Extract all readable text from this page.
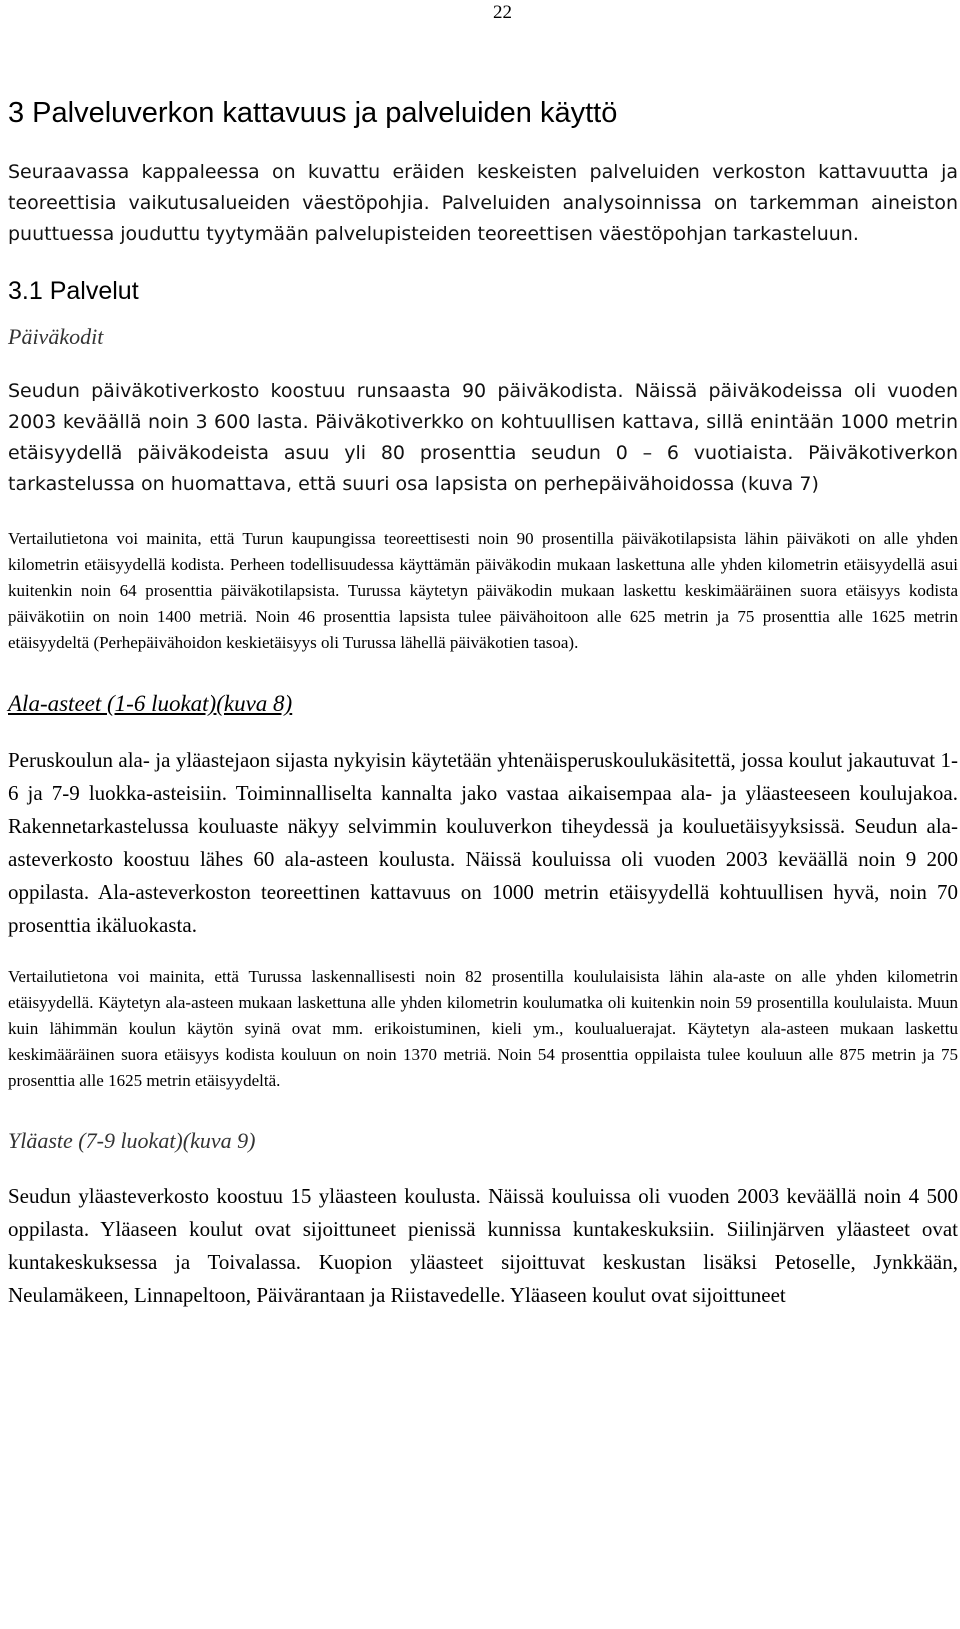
22
3 Palveluverkon kattavuus ja palveluiden käyttö

Seuraavassa kappaleessa on kuvattu eräiden keskeisten palveluiden verkoston kattavuutta ja teoreettisia vaikutusalueiden väestöpohjia. Palveluiden analysoinnissa on tarkemman aineiston puuttuessa jouduttu tyytymään palvelupisteiden teoreettisen väestöpohjan tarkasteluun.

3.1 Palvelut
Päiväkodit

Seudun päiväkotiverkosto koostuu runsaasta 90 päiväkodista. Näissä päiväkodeissa oli vuoden 2003 keväällä noin 3 600 lasta. Päiväkotiverkko on kohtuullisen kattava, sillä enintään 1000 metrin etäisyydellä päiväkodeista asuu yli 80 prosenttia seudun 0 – 6 vuotiaista. Päiväkotiverkon tarkastelussa on huomattava, että suuri osa lapsista on perhepäivähoidossa (kuva 7)

Vertailutietona voi mainita, että Turun kaupungissa teoreettisesti noin 90 prosentilla päiväkotilapsista lähin päiväkoti on alle yhden kilometrin etäisyydellä kodista. Perheen todellisuudessa käyttämän päiväkodin mukaan laskettuna alle yhden kilometrin etäisyydellä asui kuitenkin noin 64 prosenttia päiväkotilapsista. Turussa käytetyn päiväkodin mukaan laskettu keskimääräinen suora etäisyys kodista päiväkotiin on noin 1400 metriä. Noin 46 prosenttia lapsista tulee päivähoitoon alle 625 metrin ja 75 prosenttia alle 1625 metrin etäisyydeltä (Perhepäivähoidon keskietäisyys oli Turussa lähellä päiväkotien tasoa).

Ala-asteet (1-6 luokat)(kuva 8)

Peruskoulun ala- ja yläastejaon sijasta nykyisin käytetään yhtenäisperuskoulukäsitettä, jossa koulut jakautuvat 1-6 ja 7-9 luokka-asteisiin. Toiminnalliselta kannalta jako vastaa aikaisempaa ala- ja yläasteeseen koulujakoa. Rakennetarkastelussa kouluaste näkyy selvimmin kouluverkon tiheydessä ja kouluetäisyyksissä. Seudun ala-asteverkosto koostuu lähes 60 ala-asteen koulusta. Näissä kouluissa oli vuoden 2003 keväällä noin 9 200 oppilasta. Ala-asteverkoston teoreettinen kattavuus on 1000 metrin etäisyydellä kohtuullisen hyvä, noin 70 prosenttia ikäluokasta.

Vertailutietona voi mainita, että Turussa laskennallisesti noin 82 prosentilla koululaisista lähin ala-aste on alle yhden kilometrin etäisyydellä. Käytetyn ala-asteen mukaan laskettuna alle yhden kilometrin koulumatka oli kuitenkin noin 59 prosentilla koululaista. Muun kuin lähimmän koulun käytön syinä ovat mm. erikoistuminen, kieli ym., koulualuerajat. Käytetyn ala-asteen mukaan laskettu keskimääräinen suora etäisyys kodista kouluun on noin 1370 metriä. Noin 54 prosenttia oppilaista tulee kouluun alle 875 metrin ja 75 prosenttia alle 1625 metrin etäisyydeltä.

Yläaste (7-9 luokat)(kuva 9)

Seudun yläasteverkosto koostuu 15 yläasteen koulusta. Näissä kouluissa oli vuoden 2003 keväällä noin 4 500 oppilasta. Yläaseen koulut ovat sijoittuneet pienissä kunnissa kuntakeskuksiin. Siilinjärven yläasteet ovat kuntakeskuksessa ja Toivalassa. Kuopion yläasteet sijoittuvat keskustan lisäksi Petoselle, Jynkkään, Neulamäkeen, Linnapeltoon, Päivärantaan ja Riistavedelle. Yläaseen koulut ovat sijoittuneet
